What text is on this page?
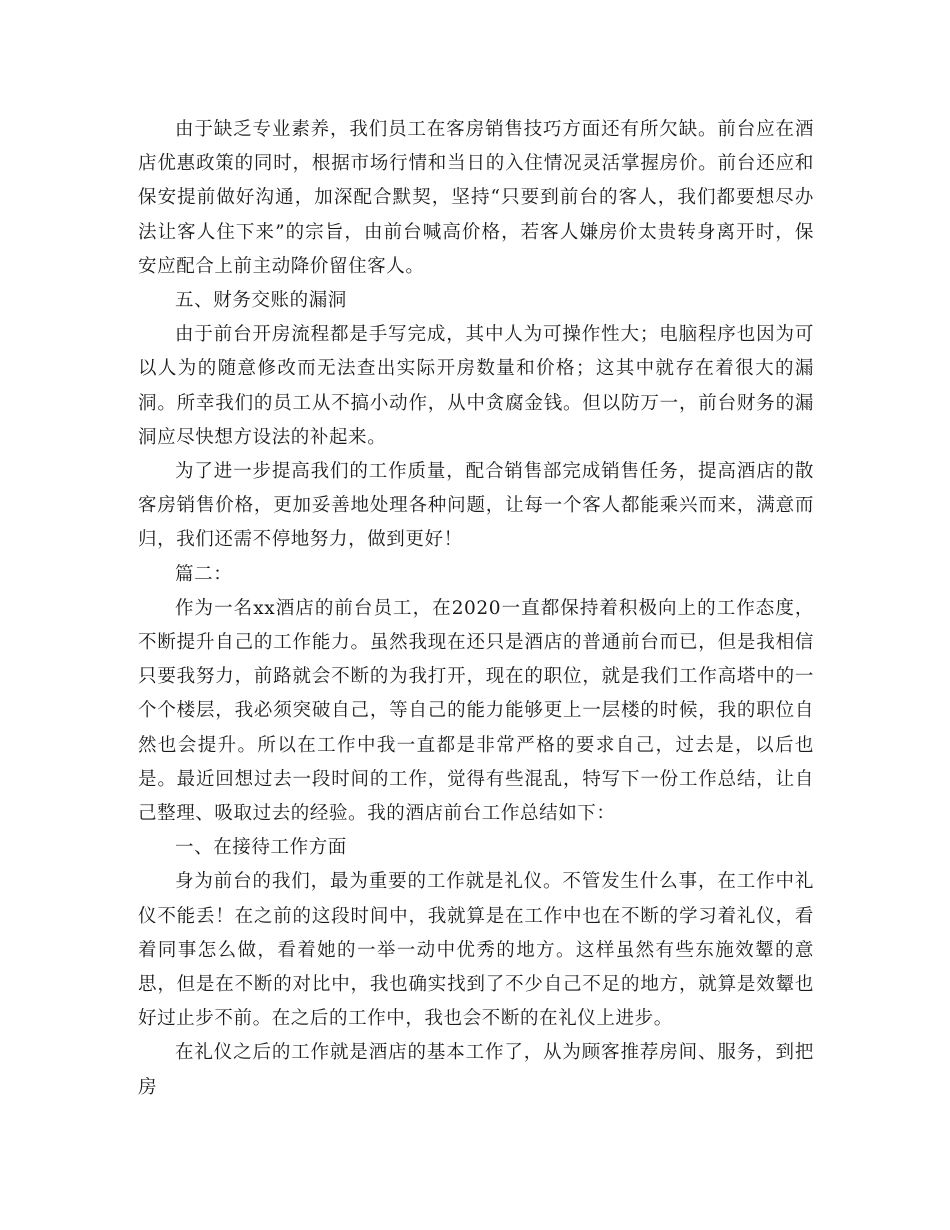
由于缺乏专业素养，我们员工在客房销售技巧方面还有所欠缺。前台应在酒店优惠政策的同时，根据市场行情和当日的入住情况灵活掌握房价。前台还应和保安提前做好沟通，加深配合默契，坚持“只要到前台的客人，我们都要想尽办法让客人住下来”的宗旨，由前台喊高价格，若客人嫌房价太贵转身离开时，保安应配合上前主动降价留住客人。

五、财务交账的漏洞

由于前台开房流程都是手写完成，其中人为可操作性大；电脑程序也因为可以人为的随意修改而无法查出实际开房数量和价格；这其中就存在着很大的漏洞。所幸我们的员工从不搞小动作，从中贪腐金钱。但以防万一，前台财务的漏洞应尽快想方设法的补起来。

为了进一步提高我们的工作质量，配合销售部完成销售任务，提高酒店的散客房销售价格，更加妥善地处理各种问题，让每一个客人都能乘兴而来，满意而归，我们还需不停地努力，做到更好！

篇二：

作为一名xx酒店的前台员工，在2020一直都保持着积极向上的工作态度，不断提升自己的工作能力。虽然我现在还只是酒店的普通前台而已，但是我相信只要我努力，前路就会不断的为我打开，现在的职位，就是我们工作高塔中的一个个楼层，我必须突破自己，等自己的能力能够更上一层楼的时候，我的职位自然也会提升。所以在工作中我一直都是非常严格的要求自己，过去是，以后也是。最近回想过去一段时间的工作，觉得有些混乱，特写下一份工作总结，让自己整理、吸取过去的经验。我的酒店前台工作总结如下：

一、在接待工作方面

身为前台的我们，最为重要的工作就是礼仪。不管发生什么事，在工作中礼仪不能丢！在之前的这段时间中，我就算是在工作中也在不断的学习着礼仪，看着同事怎么做，看着她的一举一动中优秀的地方。这样虽然有些东施效颦的意思，但是在不断的对比中，我也确实找到了不少自己不足的地方，就算是效颦也好过止步不前。在之后的工作中，我也会不断的在礼仪上进步。

在礼仪之后的工作就是酒店的基本工作了，从为顾客推荐房间、服务，到把房
